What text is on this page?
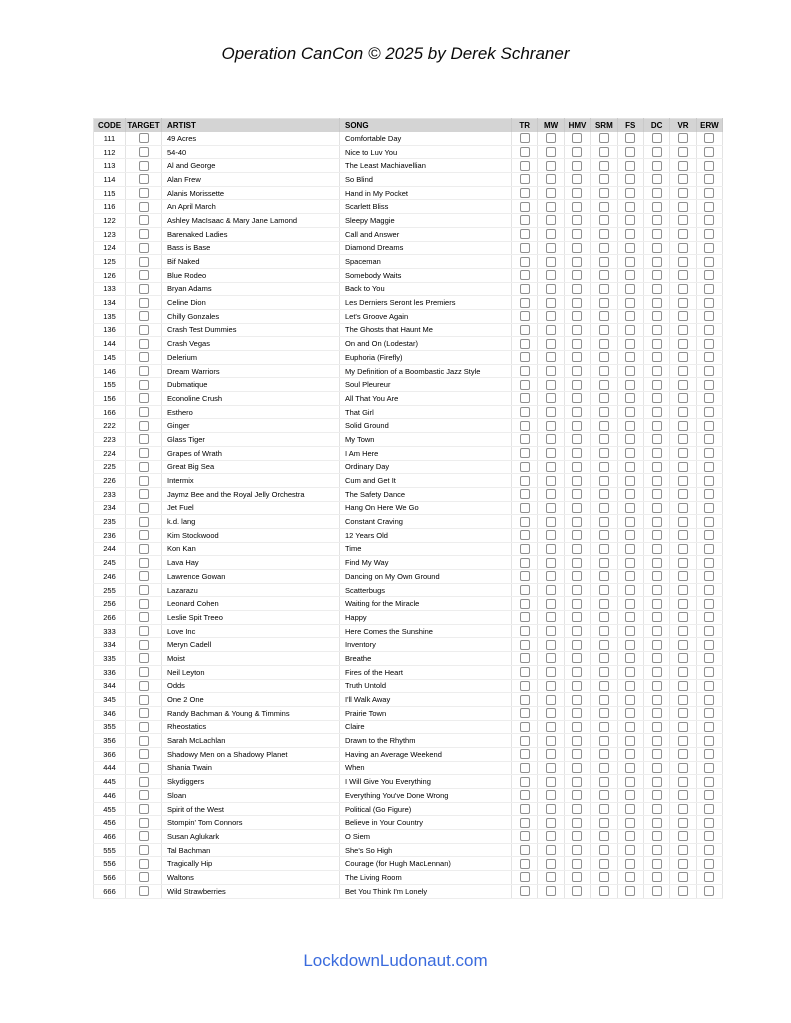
Operation CanCon © 2025 by Derek Schraner
CODE	TARGET	ARTIST	SONG	TR	MW	HMV	SRM	FS	DC	VR	ERW
111		49 Acres	Comfortable Day								
112		54-40	Nice to Luv You								
113		Al and George	The Least Machiavellian								
114		Alan Frew	So Blind								
115		Alanis Morissette	Hand in My Pocket								
116		An April March	Scarlett Bliss								
122		Ashley MacIsaac & Mary Jane Lamond	Sleepy Maggie								
123		Barenaked Ladies	Call and Answer								
124		Bass is Base	Diamond Dreams								
125		Bif Naked	Spaceman								
126		Blue Rodeo	Somebody Waits								
133		Bryan Adams	Back to You								
134		Celine Dion	Les Derniers Seront les Premiers								
135		Chilly Gonzales	Let's Groove Again								
136		Crash Test Dummies	The Ghosts that Haunt Me								
144		Crash Vegas	On and On (Lodestar)								
145		Delerium	Euphoria (Firefly)								
146		Dream Warriors	My Definition of a Boombastic Jazz Style								
155		Dubmatique	Soul Pleureur								
156		Econoline Crush	All That You Are								
166		Esthero	That Girl								
222		Ginger	Solid Ground								
223		Glass Tiger	My Town								
224		Grapes of Wrath	I Am Here								
225		Great Big Sea	Ordinary Day								
226		Intermix	Cum and Get It								
233		Jaymz Bee and the Royal Jelly Orchestra	The Safety Dance								
234		Jet Fuel	Hang On Here We Go								
235		k.d. lang	Constant Craving								
236		Kim Stockwood	12 Years Old								
244		Kon Kan	Time								
245		Lava Hay	Find My Way								
246		Lawrence Gowan	Dancing on My Own Ground								
255		Lazarazu	Scatterbugs								
256		Leonard Cohen	Waiting for the Miracle								
266		Leslie Spit Treeo	Happy								
333		Love Inc	Here Comes the Sunshine								
334		Meryn Cadell	Inventory								
335		Moist	Breathe								
336		Neil Leyton	Fires of the Heart								
344		Odds	Truth Untold								
345		One 2 One	I'll Walk Away								
346		Randy Bachman & Young & Timmins	Prairie Town								
355		Rheostatics	Claire								
356		Sarah McLachlan	Drawn to the Rhythm								
366		Shadowy Men on a Shadowy Planet	Having an Average Weekend								
444		Shania Twain	When								
445		Skydiggers	I Will Give You Everything								
446		Sloan	Everything You've Done Wrong								
455		Spirit of the West	Political (Go Figure)								
456		Stompin' Tom Connors	Believe in Your Country								
466		Susan Aglukark	O Siem								
555		Tal Bachman	She's So High								
556		Tragically Hip	Courage (for Hugh MacLennan)								
566		Waltons	The Living Room								
666		Wild Strawberries	Bet You Think I'm Lonely								
LockdownLudonaut.com
